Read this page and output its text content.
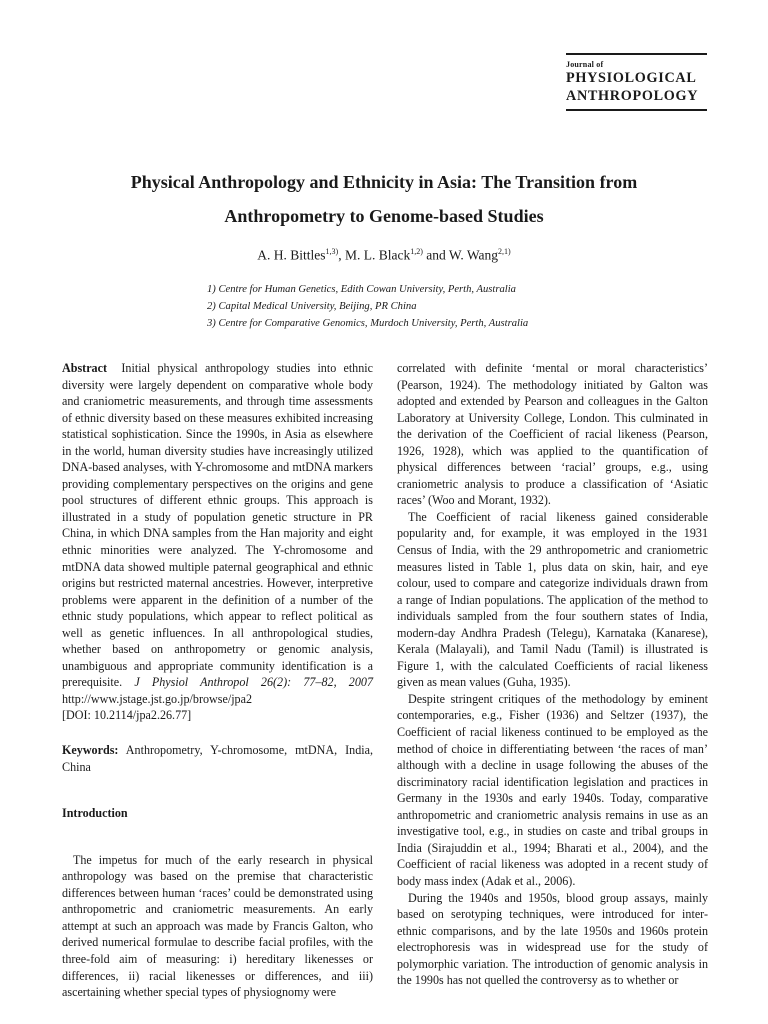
Journal of
PHYSIOLOGICAL
ANTHROPOLOGY
Physical Anthropology and Ethnicity in Asia: The Transition from
Anthropometry to Genome-based Studies
A. H. Bittles$^{1,3)}$, M. L. Black$^{1,2)}$ and W. Wang$^{2,1)}$
1) Centre for Human Genetics, Edith Cowan University, Perth, Australia
2) Capital Medical University, Beijing, PR China
3) Centre for Comparative Genomics, Murdoch University, Perth, Australia

Abstract Initial physical anthropology studies into ethnic diversity were largely dependent on comparative whole body and craniometric measurements, and through time assessments of ethnic diversity based on these measures exhibited increasing statistical sophistication. Since the 1990s, in Asia as elsewhere in the world, human diversity studies have increasingly utilized DNA-based analyses, with Y-chromosome and mtDNA markers providing complementary perspectives on the origins and gene pool structures of different ethnic groups. This approach is illustrated in a study of population genetic structure in PR China, in which DNA samples from the Han majority and eight ethnic minorities were analyzed. The Y-chromosome and mtDNA data showed multiple paternal geographical and ethnic origins but restricted maternal ancestries. However, interpretive problems were apparent in the definition of a number of the ethnic study populations, which appear to reflect political as well as genetic influences. In all anthropological studies, whether based on anthropometry or genomic analysis, unambiguous and appropriate community identification is a prerequisite. J Physiol Anthropol 26(2): 77–82, 2007 http://www.jstage.jst.go.jp/browse/jpa2
[DOI: 10.2114/jpa2.26.77]

Keywords: Anthropometry, Y-chromosome, mtDNA, India, China

Introduction

The impetus for much of the early research in physical anthropology was based on the premise that characteristic differences between human ‘races’ could be demonstrated using anthropometric and craniometric measurements. An early attempt at such an approach was made by Francis Galton, who derived numerical formulae to describe facial profiles, with the three-fold aim of measuring: i) hereditary likenesses or differences, ii) racial likenesses or differences, and iii) ascertaining whether special types of physiognomy were

correlated with definite ‘mental or moral characteristics’ (Pearson, 1924). The methodology initiated by Galton was adopted and extended by Pearson and colleagues in the Galton Laboratory at University College, London. This culminated in the derivation of the Coefficient of racial likeness (Pearson, 1926, 1928), which was applied to the quantification of physical differences between ‘racial’ groups, e.g., using craniometric analysis to produce a classification of ‘Asiatic races’ (Woo and Morant, 1932).

The Coefficient of racial likeness gained considerable popularity and, for example, it was employed in the 1931 Census of India, with the 29 anthropometric and craniometric measures listed in Table 1, plus data on skin, hair, and eye colour, used to compare and categorize individuals drawn from a range of Indian populations. The application of the method to individuals sampled from the four southern states of India, modern-day Andhra Pradesh (Telegu), Karnataka (Kanarese), Kerala (Malayali), and Tamil Nadu (Tamil) is illustrated is Figure 1, with the calculated Coefficients of racial likeness given as mean values (Guha, 1935).

Despite stringent critiques of the methodology by eminent contemporaries, e.g., Fisher (1936) and Seltzer (1937), the Coefficient of racial likeness continued to be employed as the method of choice in differentiating between ‘the races of man’ although with a decline in usage following the abuses of the discriminatory racial identification legislation and practices in Germany in the 1930s and early 1940s. Today, comparative anthropometric and craniometric analysis remains in use as an investigative tool, e.g., in studies on caste and tribal groups in India (Sirajuddin et al., 1994; Bharati et al., 2004), and the Coefficient of racial likeness was adopted in a recent study of body mass index (Adak et al., 2006).

During the 1940s and 1950s, blood group assays, mainly based on serotyping techniques, were introduced for inter-ethnic comparisons, and by the late 1950s and 1960s protein electrophoresis was in widespread use for the study of polymorphic variation. The introduction of genomic analysis in the 1990s has not quelled the controversy as to whether or
